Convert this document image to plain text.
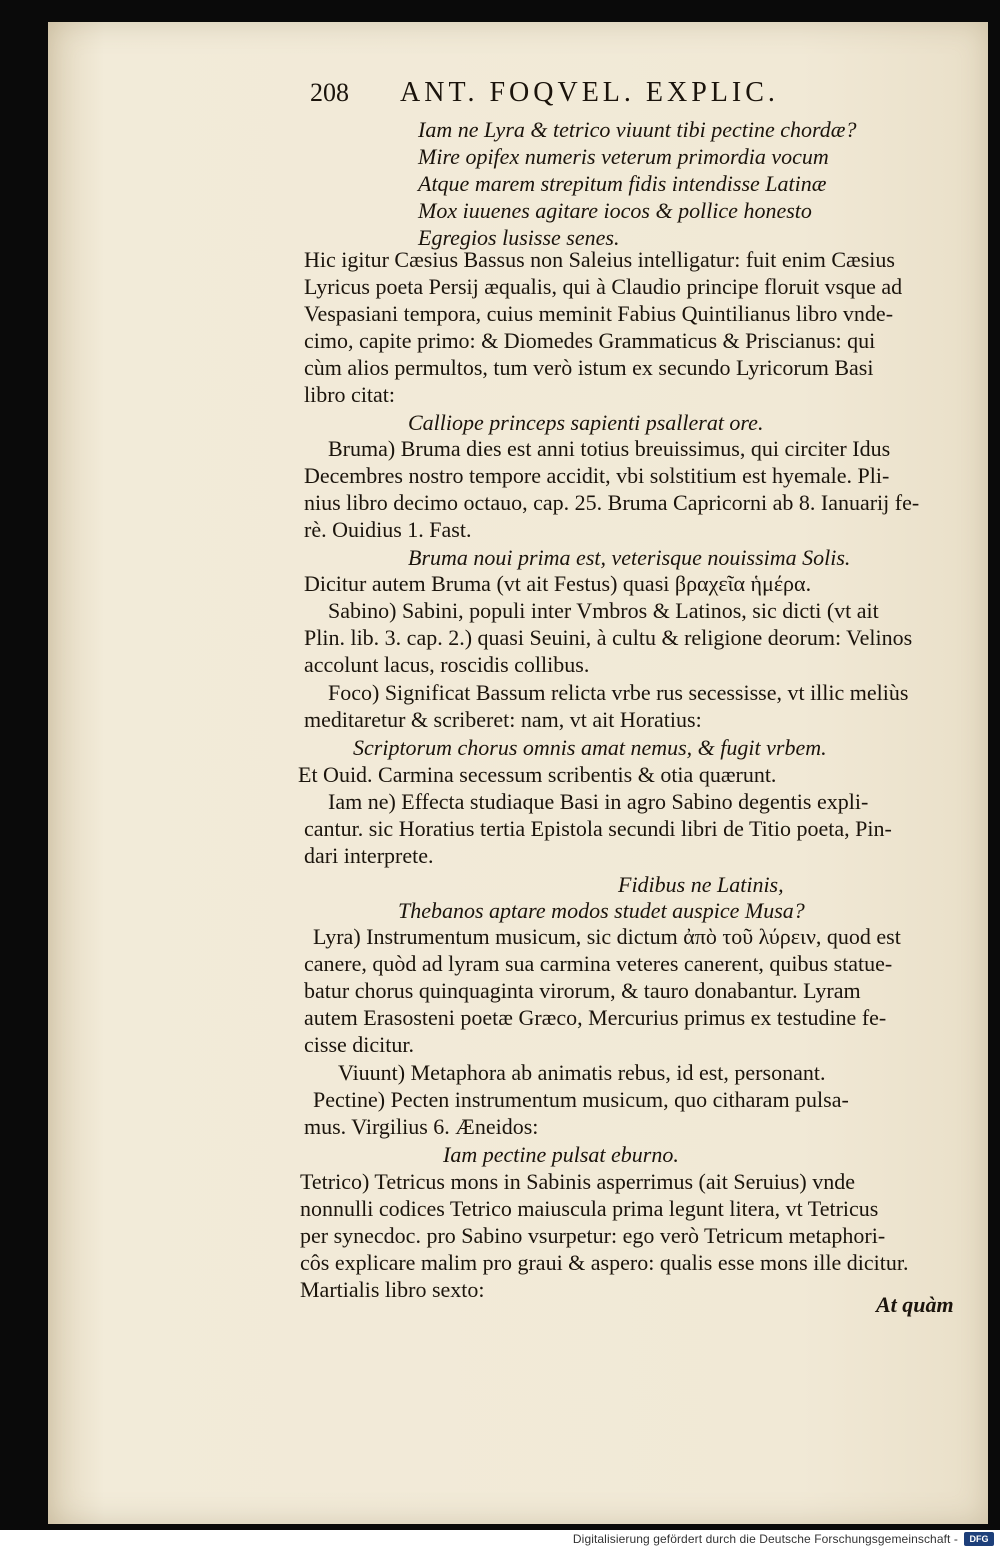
208 ANT. FOQVEL. EXPLIC.
Iam ne Lyra & tetrico viuunt tibi pectine chordæ?
Mire opifex numeris veterum primordia vocum
Atque marem strepitum fidis intendisse Latinæ
Mox iuuenes agitare iocos & pollice honesto
Egregios lusisse senes.
Hic igitur Cæsius Bassus non Saleius intelligatur: fuit enim Cæsius
Lyricus poeta Persij æqualis, qui à Claudio principe floruit vsque ad
Vespasiani tempora, cuius meminit Fabius Quintilianus libro vnde-
cimo, capite primo: & Diomedes Grammaticus & Priscianus: qui
cùm alios permultos, tum verò istum ex secundo Lyricorum Basi
libro citat:
Calliope princeps sapienti psallerat ore.
Bruma) Bruma dies est anni totius breuissimus, qui circiter Idus
Decembres nostro tempore accidit, vbi solstitium est hyemale. Pli-
nius libro decimo octauo, cap. 25. Bruma Capricorni ab 8. Ianuarij fe-
rè. Ouidius 1. Fast.
Bruma noui prima est, veterisque nouissima Solis.
Dicitur autem Bruma (vt ait Festus) quasi βραχεῖα ἡμέρα.
Sabino) Sabini, populi inter Vmbros & Latinos, sic dicti (vt ait
Plin. lib. 3. cap. 2.) quasi Seuini, à cultu & religione deorum: Velinos
accolunt lacus, roscidis collibus.
Foco) Significat Bassum relicta vrbe rus secessisse, vt illic meliùs
meditaretur & scriberet: nam, vt ait Horatius:
Scriptorum chorus omnis amat nemus, & fugit vrbem.
Et Ouid. Carmina secessum scribentis & otia quærunt.
Iam ne) Effecta studiaque Basi in agro Sabino degentis expli-
cantur. sic Horatius tertia Epistola secundi libri de Titio poeta, Pin-
dari interprete.
Fidibus ne Latinis,
Thebanos aptare modos studet auspice Musa?
Lyra) Instrumentum musicum, sic dictum ἀπὸ τοῦ λύρειν, quod est
canere, quòd ad lyram sua carmina veteres canerent, quibus statue-
batur chorus quinquaginta virorum, & tauro donabantur. Lyram
autem Erasosteni poetæ Græco, Mercurius primus ex testudine fe-
cisse dicitur.
Viuunt) Metaphora ab animatis rebus, id est, personant.
Pectine) Pecten instrumentum musicum, quo citharam pulsa-
mus. Virgilius 6. Æneidos:
Iam pectine pulsat eburno.
Tetrico) Tetricus mons in Sabinis asperrimus (ait Seruius) vnde
nonnulli codices Tetrico maiuscula prima legunt litera, vt Tetricus
per synecdoc. pro Sabino vsurpetur: ego verò Tetricum metaphori-
côs explicare malim pro graui & aspero: qualis esse mons ille dicitur.
Martialis libro sexto:
At quàm
Digitalisierung gefördert durch die Deutsche Forschungsgemeinschaft -	DFG
